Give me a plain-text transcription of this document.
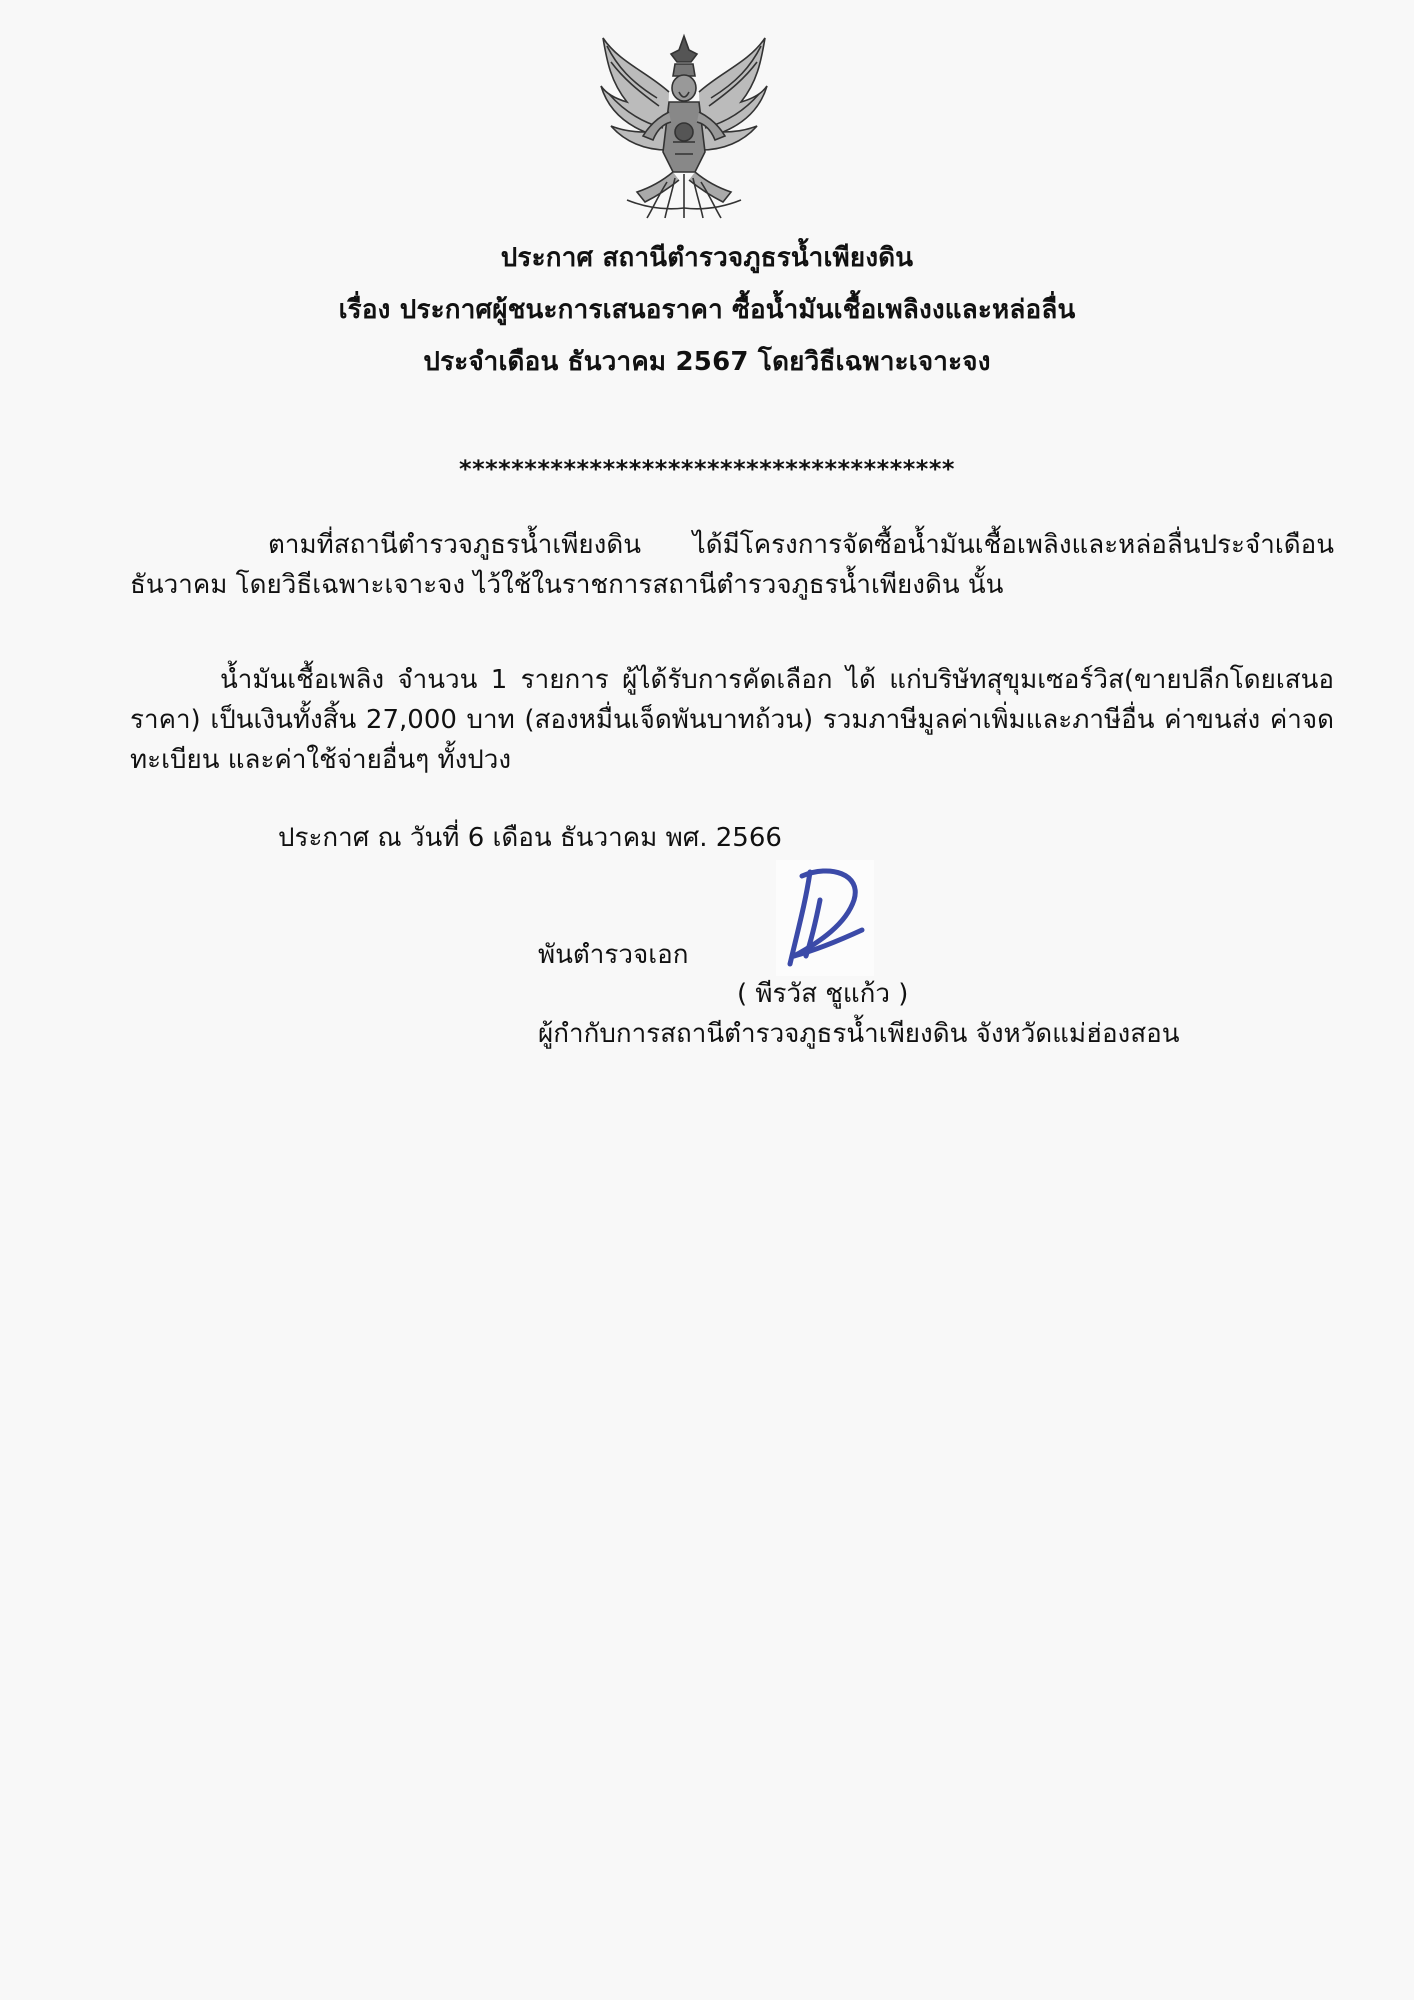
ประกาศ สถานีตำรวจภูธรน้ำเพียงดิน
เรื่อง ประกาศผู้ชนะการเสนอราคา ซื้อน้ำมันเชื้อเพลิงงและหล่อลื่น
ประจำเดือน ธันวาคม 2567 โดยวิธีเฉพาะเจาะจง
**************************************
ตามที่สถานีตำรวจภูธรน้ำเพียงดิน ได้มีโครงการจัดซื้อน้ำมันเชื้อเพลิงและหล่อลื่นประจำเดือนธันวาคม โดยวิธีเฉพาะเจาะจง ไว้ใช้ในราชการสถานีตำรวจภูธรน้ำเพียงดิน นั้น
น้ำมันเชื้อเพลิง จำนวน 1 รายการ ผู้ได้รับการคัดเลือก ได้ แก่บริษัทสุขุมเซอร์วิส(ขายปลีกโดยเสนอราคา) เป็นเงินทั้งสิ้น 27,000 บาท (สองหมื่นเจ็ดพันบาทถ้วน) รวมภาษีมูลค่าเพิ่มและภาษีอื่น ค่าขนส่ง ค่าจดทะเบียน และค่าใช้จ่ายอื่นๆ ทั้งปวง
ประกาศ ณ วันที่ 6 เดือน ธันวาคม พศ. 2566
พันตำรวจเอก
( พีรวัส ชูแก้ว )
ผู้กำกับการสถานีตำรวจภูธรน้ำเพียงดิน จังหวัดแม่ฮ่องสอน
